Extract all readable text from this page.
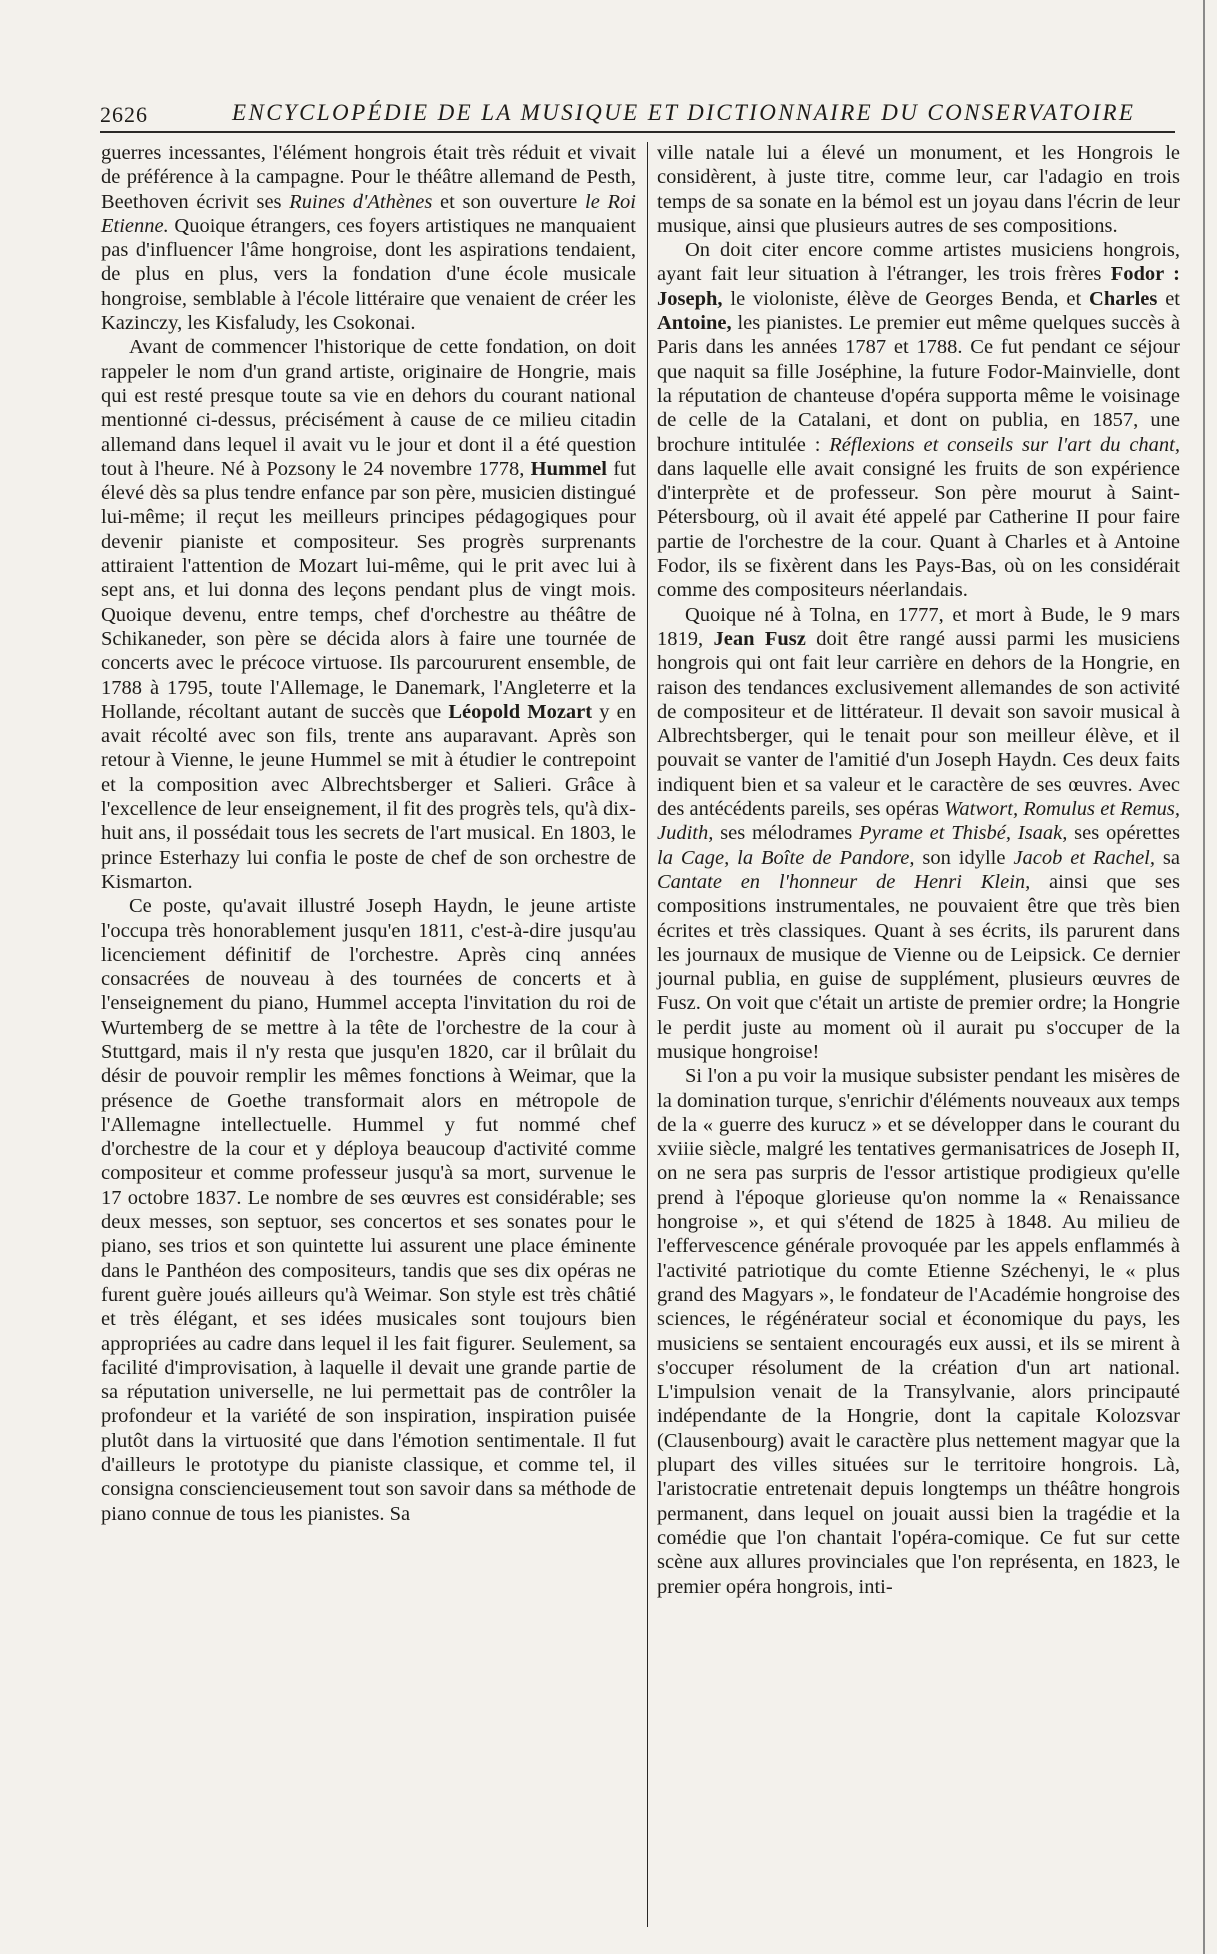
2626	ENCYCLOPÉDIE DE LA MUSIQUE ET DICTIONNAIRE DU CONSERVATOIRE

guerres incessantes, l'élément hongrois était très réduit et vivait de préférence à la campagne. Pour le théâtre allemand de Pesth, Beethoven écrivit ses Ruines d'Athènes et son ouverture le Roi Etienne. Quoique étrangers, ces foyers artistiques ne manquaient pas d'influencer l'âme hongroise, dont les aspirations tendaient, de plus en plus, vers la fondation d'une école musicale hongroise, semblable à l'école littéraire que venaient de créer les Kazinczy, les Kisfaludy, les Csokonai.

Avant de commencer l'historique de cette fondation, on doit rappeler le nom d'un grand artiste, originaire de Hongrie, mais qui est resté presque toute sa vie en dehors du courant national mentionné ci-dessus, précisément à cause de ce milieu citadin allemand dans lequel il avait vu le jour et dont il a été question tout à l'heure. Né à Pozsony le 24 novembre 1778, Hummel fut élevé dès sa plus tendre enfance par son père, musicien distingué lui-même; il reçut les meilleurs principes pédagogiques pour devenir pianiste et compositeur. Ses progrès surprenants attiraient l'attention de Mozart lui-même, qui le prit avec lui à sept ans, et lui donna des leçons pendant plus de vingt mois. Quoique devenu, entre temps, chef d'orchestre au théâtre de Schikaneder, son père se décida alors à faire une tournée de concerts avec le précoce virtuose. Ils parcoururent ensemble, de 1788 à 1795, toute l'Allemage, le Danemark, l'Angleterre et la Hollande, récoltant autant de succès que Léopold Mozart y en avait récolté avec son fils, trente ans auparavant. Après son retour à Vienne, le jeune Hummel se mit à étudier le contrepoint et la composition avec Albrechtsberger et Salieri. Grâce à l'excellence de leur enseignement, il fit des progrès tels, qu'à dix-huit ans, il possédait tous les secrets de l'art musical. En 1803, le prince Esterhazy lui confia le poste de chef de son orchestre de Kismarton.

Ce poste, qu'avait illustré Joseph Haydn, le jeune artiste l'occupa très honorablement jusqu'en 1811, c'est-à-dire jusqu'au licenciement définitif de l'orchestre. Après cinq années consacrées de nouveau à des tournées de concerts et à l'enseignement du piano, Hummel accepta l'invitation du roi de Wurtemberg de se mettre à la tête de l'orchestre de la cour à Stuttgard, mais il n'y resta que jusqu'en 1820, car il brûlait du désir de pouvoir remplir les mêmes fonctions à Weimar, que la présence de Goethe transformait alors en métropole de l'Allemagne intellectuelle. Hummel y fut nommé chef d'orchestre de la cour et y déploya beaucoup d'activité comme compositeur et comme professeur jusqu'à sa mort, survenue le 17 octobre 1837. Le nombre de ses œuvres est considérable; ses deux messes, son septuor, ses concertos et ses sonates pour le piano, ses trios et son quintette lui assurent une place éminente dans le Panthéon des compositeurs, tandis que ses dix opéras ne furent guère joués ailleurs qu'à Weimar. Son style est très châtié et très élégant, et ses idées musicales sont toujours bien appropriées au cadre dans lequel il les fait figurer. Seulement, sa facilité d'improvisation, à laquelle il devait une grande partie de sa réputation universelle, ne lui permettait pas de contrôler la profondeur et la variété de son inspiration, inspiration puisée plutôt dans la virtuosité que dans l'émotion sentimentale. Il fut d'ailleurs le prototype du pianiste classique, et comme tel, il consigna consciencieusement tout son savoir dans sa méthode de piano connue de tous les pianistes. Sa

ville natale lui a élevé un monument, et les Hongrois le considèrent, à juste titre, comme leur, car l'adagio en trois temps de sa sonate en la bémol est un joyau dans l'écrin de leur musique, ainsi que plusieurs autres de ses compositions.

On doit citer encore comme artistes musiciens hongrois, ayant fait leur situation à l'étranger, les trois frères Fodor : Joseph, le violoniste, élève de Georges Benda, et Charles et Antoine, les pianistes. Le premier eut même quelques succès à Paris dans les années 1787 et 1788. Ce fut pendant ce séjour que naquit sa fille Joséphine, la future Fodor-Mainvielle, dont la réputation de chanteuse d'opéra supporta même le voisinage de celle de la Catalani, et dont on publia, en 1857, une brochure intitulée : Réflexions et conseils sur l'art du chant, dans laquelle elle avait consigné les fruits de son expérience d'interprète et de professeur. Son père mourut à Saint-Pétersbourg, où il avait été appelé par Catherine II pour faire partie de l'orchestre de la cour. Quant à Charles et à Antoine Fodor, ils se fixèrent dans les Pays-Bas, où on les considérait comme des compositeurs néerlandais.

Quoique né à Tolna, en 1777, et mort à Bude, le 9 mars 1819, Jean Fusz doit être rangé aussi parmi les musiciens hongrois qui ont fait leur carrière en dehors de la Hongrie, en raison des tendances exclusivement allemandes de son activité de compositeur et de littérateur. Il devait son savoir musical à Albrechtsberger, qui le tenait pour son meilleur élève, et il pouvait se vanter de l'amitié d'un Joseph Haydn. Ces deux faits indiquent bien et sa valeur et le caractère de ses œuvres. Avec des antécédents pareils, ses opéras Watwort, Romulus et Remus, Judith, ses mélodrames Pyrame et Thisbé, Isaak, ses opérettes la Cage, la Boîte de Pandore, son idylle Jacob et Rachel, sa Cantate en l'honneur de Henri Klein, ainsi que ses compositions instrumentales, ne pouvaient être que très bien écrites et très classiques. Quant à ses écrits, ils parurent dans les journaux de musique de Vienne ou de Leipsick. Ce dernier journal publia, en guise de supplément, plusieurs œuvres de Fusz. On voit que c'était un artiste de premier ordre; la Hongrie le perdit juste au moment où il aurait pu s'occuper de la musique hongroise!

Si l'on a pu voir la musique subsister pendant les misères de la domination turque, s'enrichir d'éléments nouveaux aux temps de la « guerre des kurucz » et se développer dans le courant du xviiie siècle, malgré les tentatives germanisatrices de Joseph II, on ne sera pas surpris de l'essor artistique prodigieux qu'elle prend à l'époque glorieuse qu'on nomme la « Renaissance hongroise », et qui s'étend de 1825 à 1848. Au milieu de l'effervescence générale provoquée par les appels enflammés à l'activité patriotique du comte Etienne Széchenyi, le « plus grand des Magyars », le fondateur de l'Académie hongroise des sciences, le régénérateur social et économique du pays, les musiciens se sentaient encouragés eux aussi, et ils se mirent à s'occuper résolument de la création d'un art national. L'impulsion venait de la Transylvanie, alors principauté indépendante de la Hongrie, dont la capitale Kolozsvar (Clausenbourg) avait le caractère plus nettement magyar que la plupart des villes situées sur le territoire hongrois. Là, l'aristocratie entretenait depuis longtemps un théâtre hongrois permanent, dans lequel on jouait aussi bien la tragédie et la comédie que l'on chantait l'opéra-comique. Ce fut sur cette scène aux allures provinciales que l'on représenta, en 1823, le premier opéra hongrois, inti-
